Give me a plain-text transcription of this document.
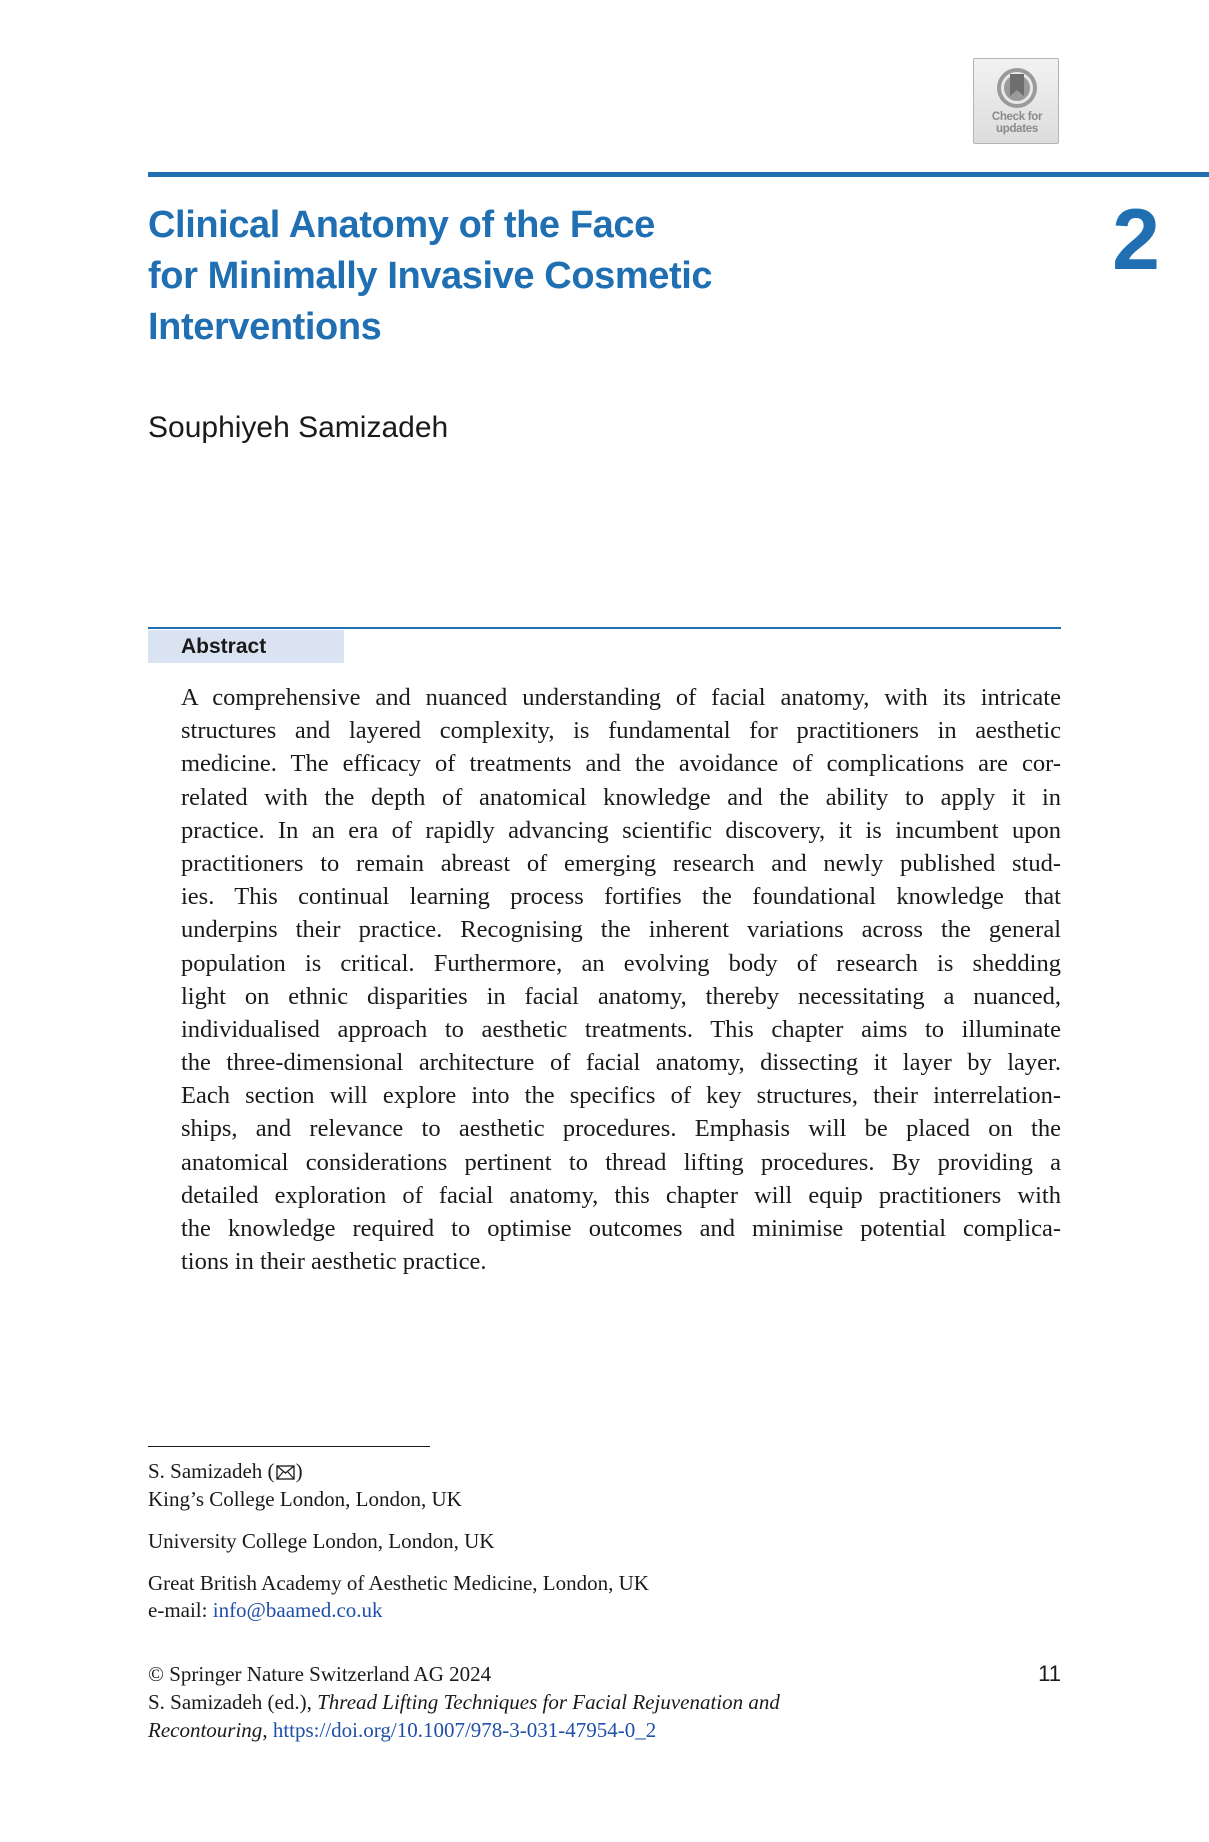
Check for updates
Clinical Anatomy of the Face
for Minimally Invasive Cosmetic
Interventions
2
Souphiyeh Samizadeh
Abstract
A comprehensive and nuanced understanding of facial anatomy, with its intricate
structures and layered complexity, is fundamental for practitioners in aesthetic
medicine. The efficacy of treatments and the avoidance of complications are cor-
related with the depth of anatomical knowledge and the ability to apply it in
practice. In an era of rapidly advancing scientific discovery, it is incumbent upon
practitioners to remain abreast of emerging research and newly published stud-
ies. This continual learning process fortifies the foundational knowledge that
underpins their practice. Recognising the inherent variations across the general
population is critical. Furthermore, an evolving body of research is shedding
light on ethnic disparities in facial anatomy, thereby necessitating a nuanced,
individualised approach to aesthetic treatments. This chapter aims to illuminate
the three-dimensional architecture of facial anatomy, dissecting it layer by layer.
Each section will explore into the specifics of key structures, their interrelation-
ships, and relevance to aesthetic procedures. Emphasis will be placed on the
anatomical considerations pertinent to thread lifting procedures. By providing a
detailed exploration of facial anatomy, this chapter will equip practitioners with
the knowledge required to optimise outcomes and minimise potential complica-
tions in their aesthetic practice.
S. Samizadeh ( )
King’s College London, London, UK
University College London, London, UK
Great British Academy of Aesthetic Medicine, London, UK
e-mail: info@baamed.co.uk
© Springer Nature Switzerland AG 2024
S. Samizadeh (ed.), Thread Lifting Techniques for Facial Rejuvenation and
Recontouring, https://doi.org/10.1007/978-3-031-47954-0_2
11
